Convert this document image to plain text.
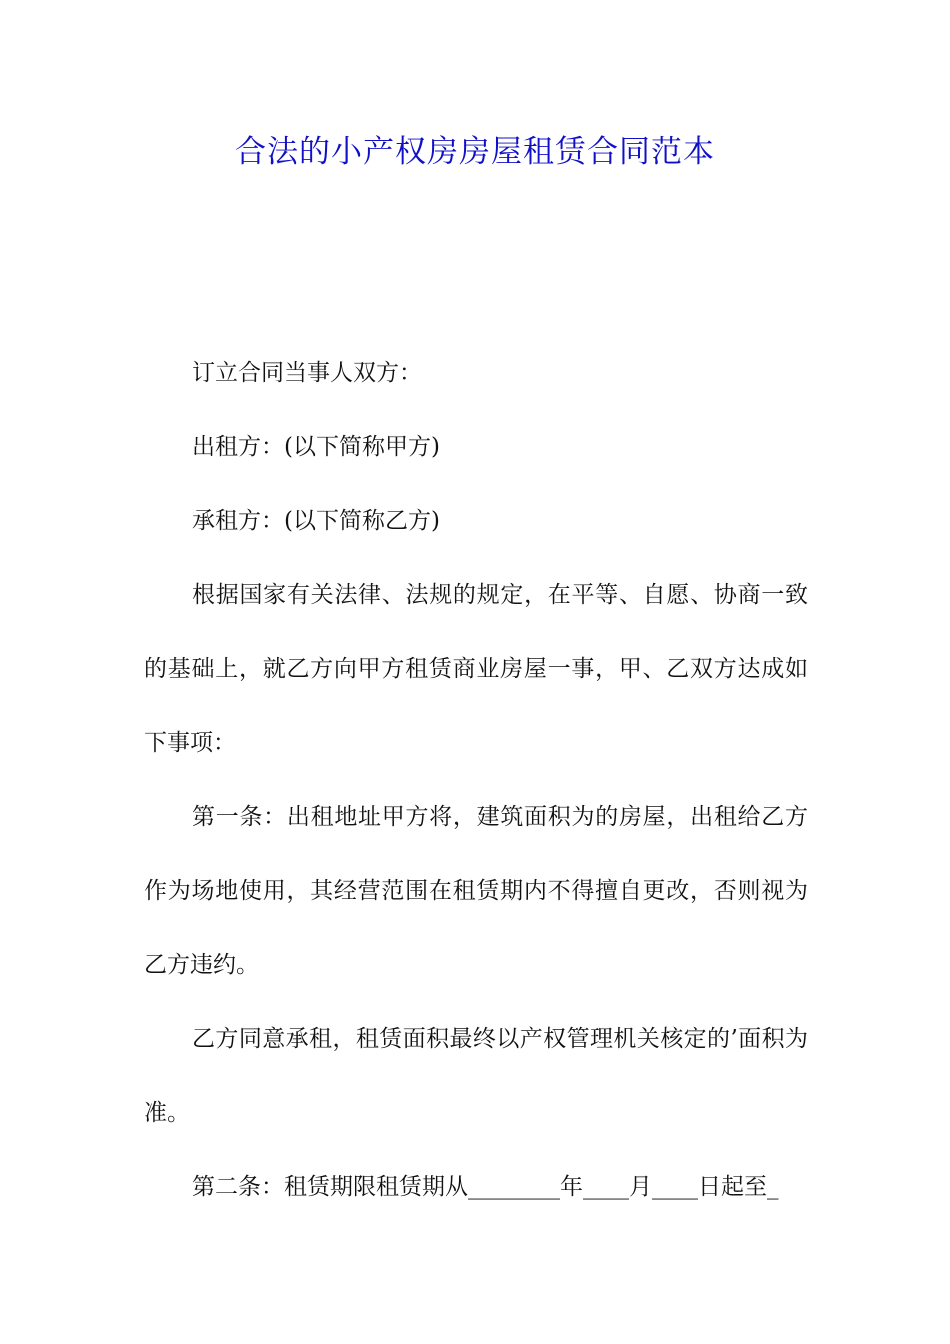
合法的小产权房房屋租赁合同范本

订立合同当事人双方：

出租方：(以下简称甲方)

承租方：(以下简称乙方)

根据国家有关法律、法规的规定，在平等、自愿、协商一致的基础上，就乙方向甲方租赁商业房屋一事，甲、乙双方达成如下事项：

第一条：出租地址甲方将，建筑面积为的房屋，出租给乙方作为场地使用，其经营范围在租赁期内不得擅自更改，否则视为乙方违约。

乙方同意承租，租赁面积最终以产权管理机关核定的’面积为准。

第二条：租赁期限租赁期从________年____月____日起至_
